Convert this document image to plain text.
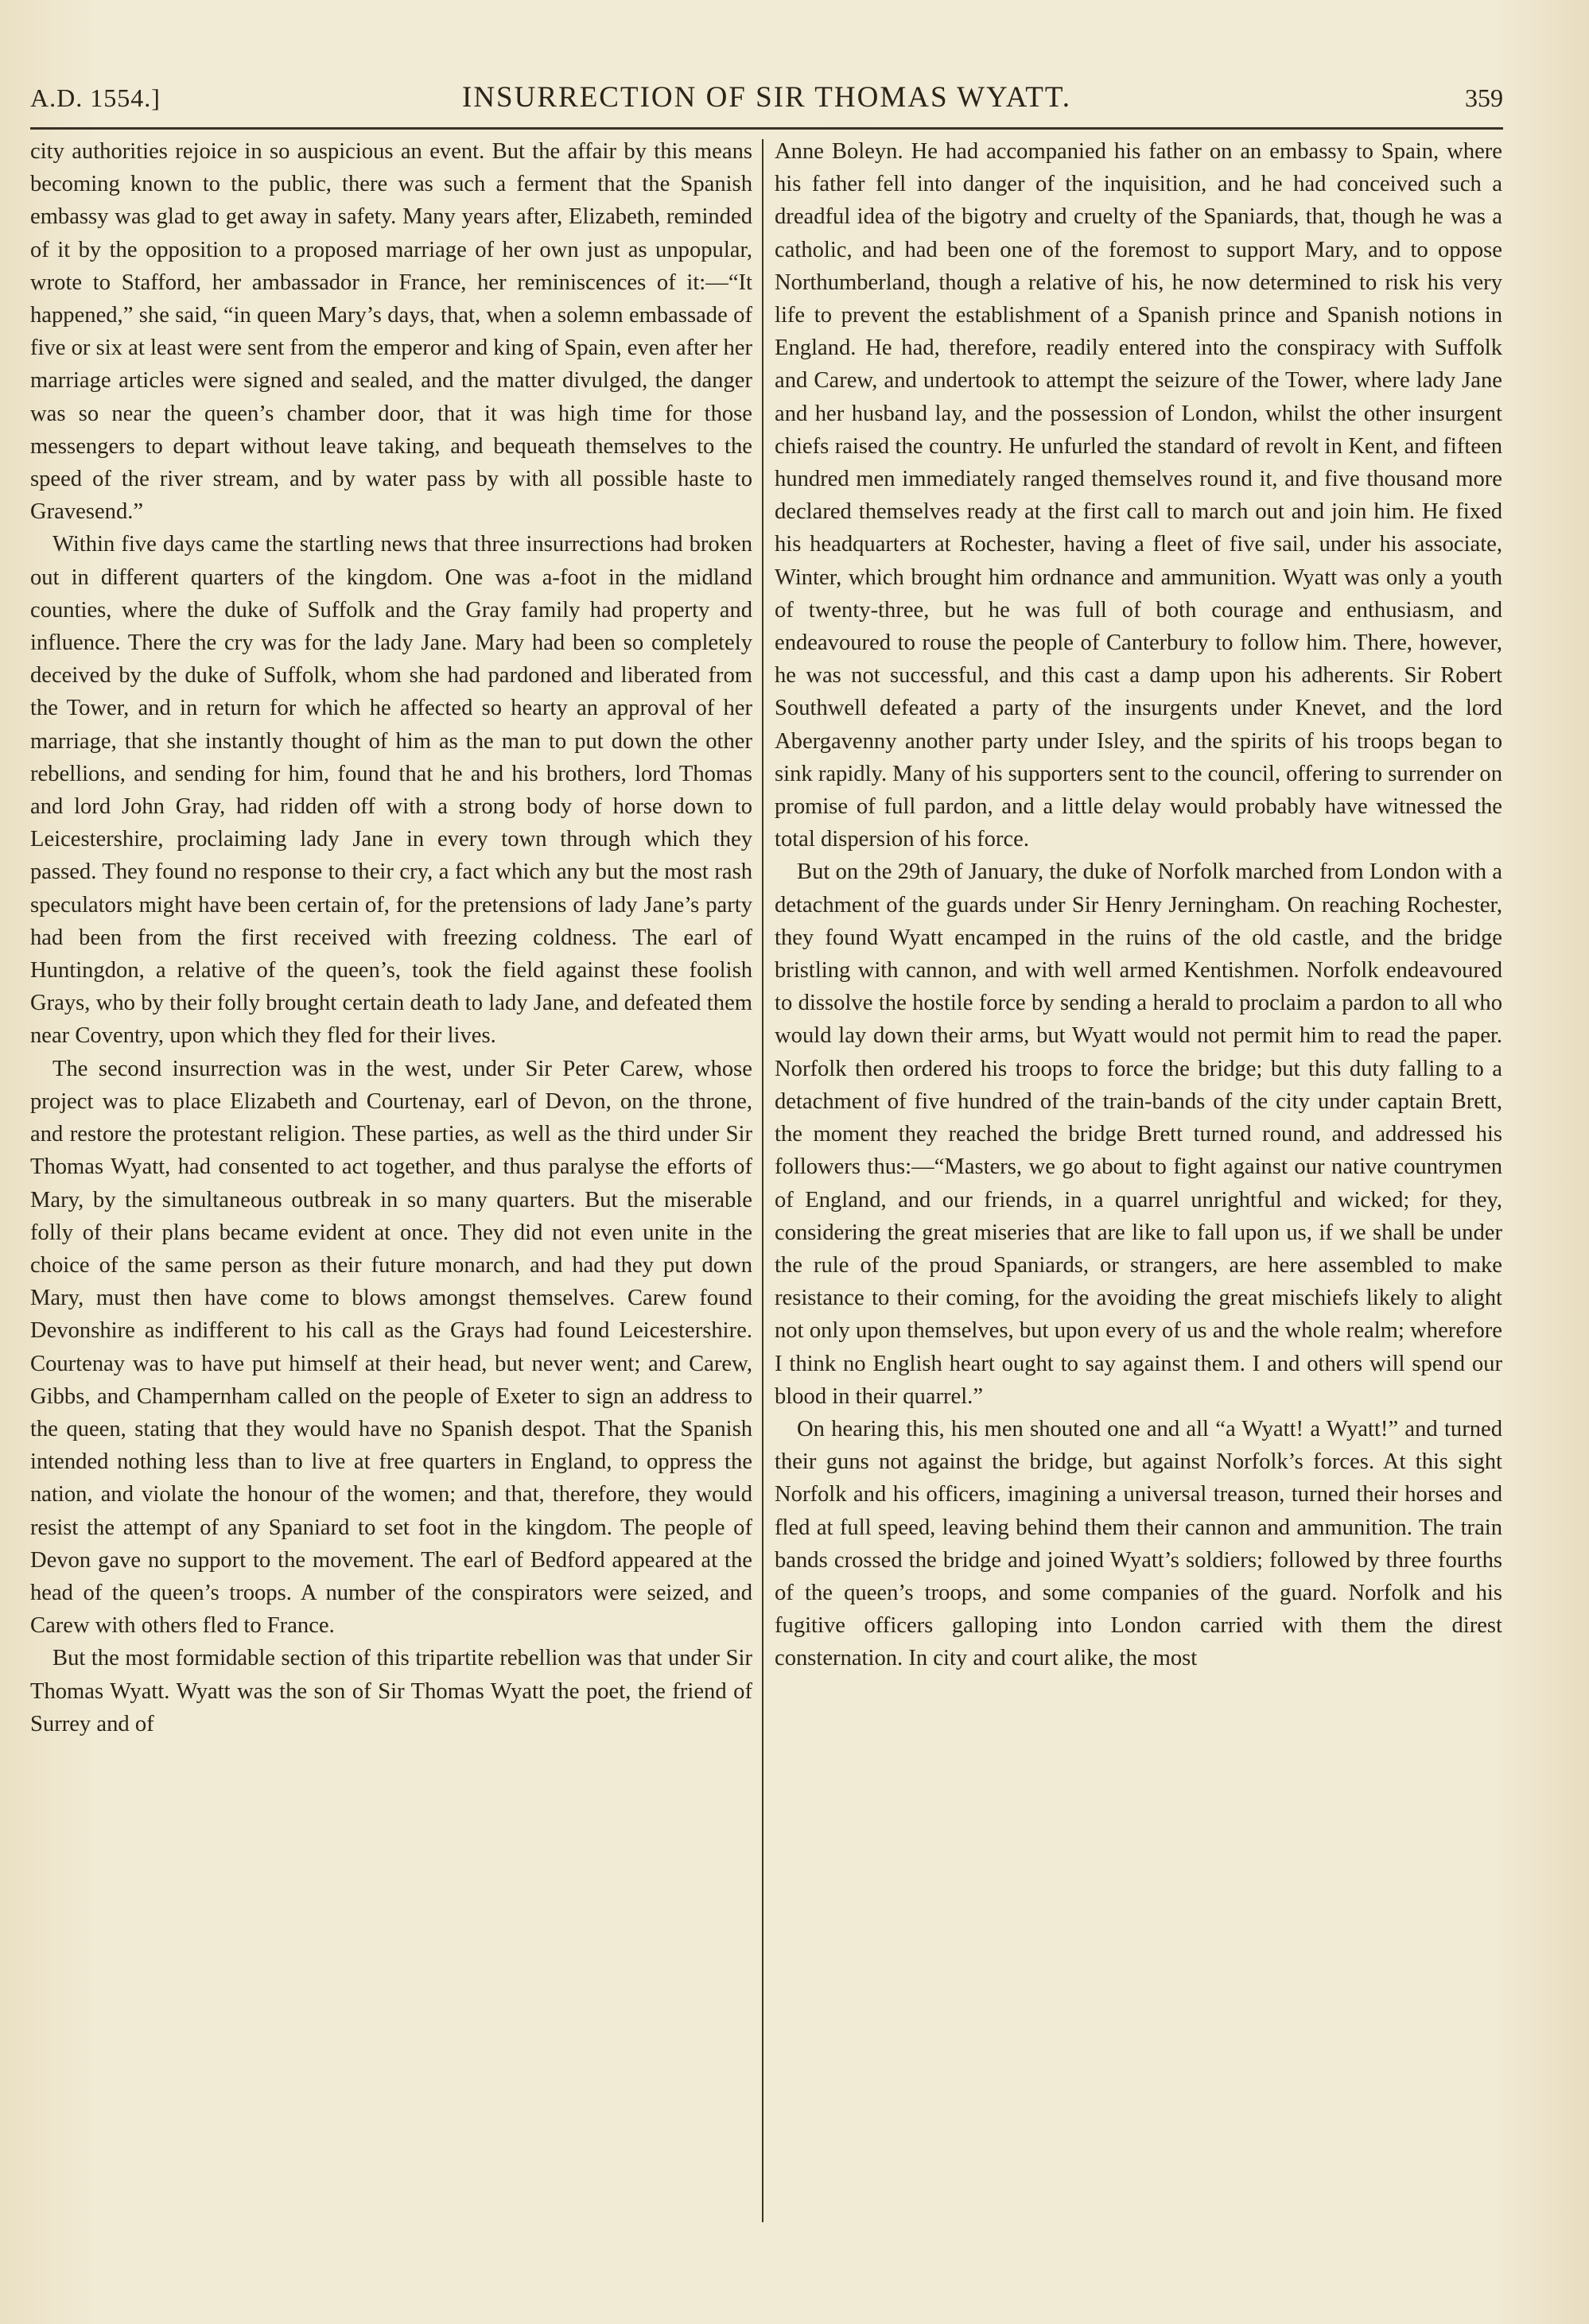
A.D. 1554.]	INSURRECTION OF SIR THOMAS WYATT.	359

city authorities rejoice in so auspicious an event. But the affair by this means becoming known to the public, there was such a ferment that the Spanish embassy was glad to get away in safety. Many years after, Elizabeth, reminded of it by the opposition to a proposed marriage of her own just as unpopular, wrote to Stafford, her ambassador in France, her reminiscences of it:—“It happened,” she said, “in queen Mary’s days, that, when a solemn embassade of five or six at least were sent from the emperor and king of Spain, even after her marriage articles were signed and sealed, and the matter divulged, the danger was so near the queen’s chamber door, that it was high time for those messengers to depart without leave taking, and bequeath themselves to the speed of the river stream, and by water pass by with all possible haste to Gravesend.”

Within five days came the startling news that three insurrections had broken out in different quarters of the kingdom. One was a-foot in the midland counties, where the duke of Suffolk and the Gray family had property and influence. There the cry was for the lady Jane. Mary had been so completely deceived by the duke of Suffolk, whom she had pardoned and liberated from the Tower, and in return for which he affected so hearty an approval of her marriage, that she instantly thought of him as the man to put down the other rebellions, and sending for him, found that he and his brothers, lord Thomas and lord John Gray, had ridden off with a strong body of horse down to Leicestershire, proclaiming lady Jane in every town through which they passed. They found no response to their cry, a fact which any but the most rash speculators might have been certain of, for the pretensions of lady Jane’s party had been from the first received with freezing coldness. The earl of Huntingdon, a relative of the queen’s, took the field against these foolish Grays, who by their folly brought certain death to lady Jane, and defeated them near Coventry, upon which they fled for their lives.

The second insurrection was in the west, under Sir Peter Carew, whose project was to place Elizabeth and Courtenay, earl of Devon, on the throne, and restore the protestant religion. These parties, as well as the third under Sir Thomas Wyatt, had consented to act together, and thus paralyse the efforts of Mary, by the simultaneous outbreak in so many quarters. But the miserable folly of their plans became evident at once. They did not even unite in the choice of the same person as their future monarch, and had they put down Mary, must then have come to blows amongst themselves. Carew found Devonshire as indifferent to his call as the Grays had found Leicestershire. Courtenay was to have put himself at their head, but never went; and Carew, Gibbs, and Champernham called on the people of Exeter to sign an address to the queen, stating that they would have no Spanish despot. That the Spanish intended nothing less than to live at free quarters in England, to oppress the nation, and violate the honour of the women; and that, therefore, they would resist the attempt of any Spaniard to set foot in the kingdom. The people of Devon gave no support to the movement. The earl of Bedford appeared at the head of the queen’s troops. A number of the conspirators were seized, and Carew with others fled to France.

But the most formidable section of this tripartite rebellion was that under Sir Thomas Wyatt. Wyatt was the son of Sir Thomas Wyatt the poet, the friend of Surrey and of

Anne Boleyn. He had accompanied his father on an embassy to Spain, where his father fell into danger of the inquisition, and he had conceived such a dreadful idea of the bigotry and cruelty of the Spaniards, that, though he was a catholic, and had been one of the foremost to support Mary, and to oppose Northumberland, though a relative of his, he now determined to risk his very life to prevent the establishment of a Spanish prince and Spanish notions in England. He had, therefore, readily entered into the conspiracy with Suffolk and Carew, and undertook to attempt the seizure of the Tower, where lady Jane and her husband lay, and the possession of London, whilst the other insurgent chiefs raised the country. He unfurled the standard of revolt in Kent, and fifteen hundred men immediately ranged themselves round it, and five thousand more declared themselves ready at the first call to march out and join him. He fixed his headquarters at Rochester, having a fleet of five sail, under his associate, Winter, which brought him ordnance and ammunition. Wyatt was only a youth of twenty-three, but he was full of both courage and enthusiasm, and endeavoured to rouse the people of Canterbury to follow him. There, however, he was not successful, and this cast a damp upon his adherents. Sir Robert Southwell defeated a party of the insurgents under Knevet, and the lord Abergavenny another party under Isley, and the spirits of his troops began to sink rapidly. Many of his supporters sent to the council, offering to surrender on promise of full pardon, and a little delay would probably have witnessed the total dispersion of his force.

But on the 29th of January, the duke of Norfolk marched from London with a detachment of the guards under Sir Henry Jerningham. On reaching Rochester, they found Wyatt encamped in the ruins of the old castle, and the bridge bristling with cannon, and with well armed Kentishmen. Norfolk endeavoured to dissolve the hostile force by sending a herald to proclaim a pardon to all who would lay down their arms, but Wyatt would not permit him to read the paper. Norfolk then ordered his troops to force the bridge; but this duty falling to a detachment of five hundred of the train-bands of the city under captain Brett, the moment they reached the bridge Brett turned round, and addressed his followers thus:—“Masters, we go about to fight against our native countrymen of England, and our friends, in a quarrel unrightful and wicked; for they, considering the great miseries that are like to fall upon us, if we shall be under the rule of the proud Spaniards, or strangers, are here assembled to make resistance to their coming, for the avoiding the great mischiefs likely to alight not only upon themselves, but upon every of us and the whole realm; wherefore I think no English heart ought to say against them. I and others will spend our blood in their quarrel.”

On hearing this, his men shouted one and all “a Wyatt! a Wyatt!” and turned their guns not against the bridge, but against Norfolk’s forces. At this sight Norfolk and his officers, imagining a universal treason, turned their horses and fled at full speed, leaving behind them their cannon and ammunition. The train bands crossed the bridge and joined Wyatt’s soldiers; followed by three fourths of the queen’s troops, and some companies of the guard. Norfolk and his fugitive officers galloping into London carried with them the direst consternation. In city and court alike, the most
